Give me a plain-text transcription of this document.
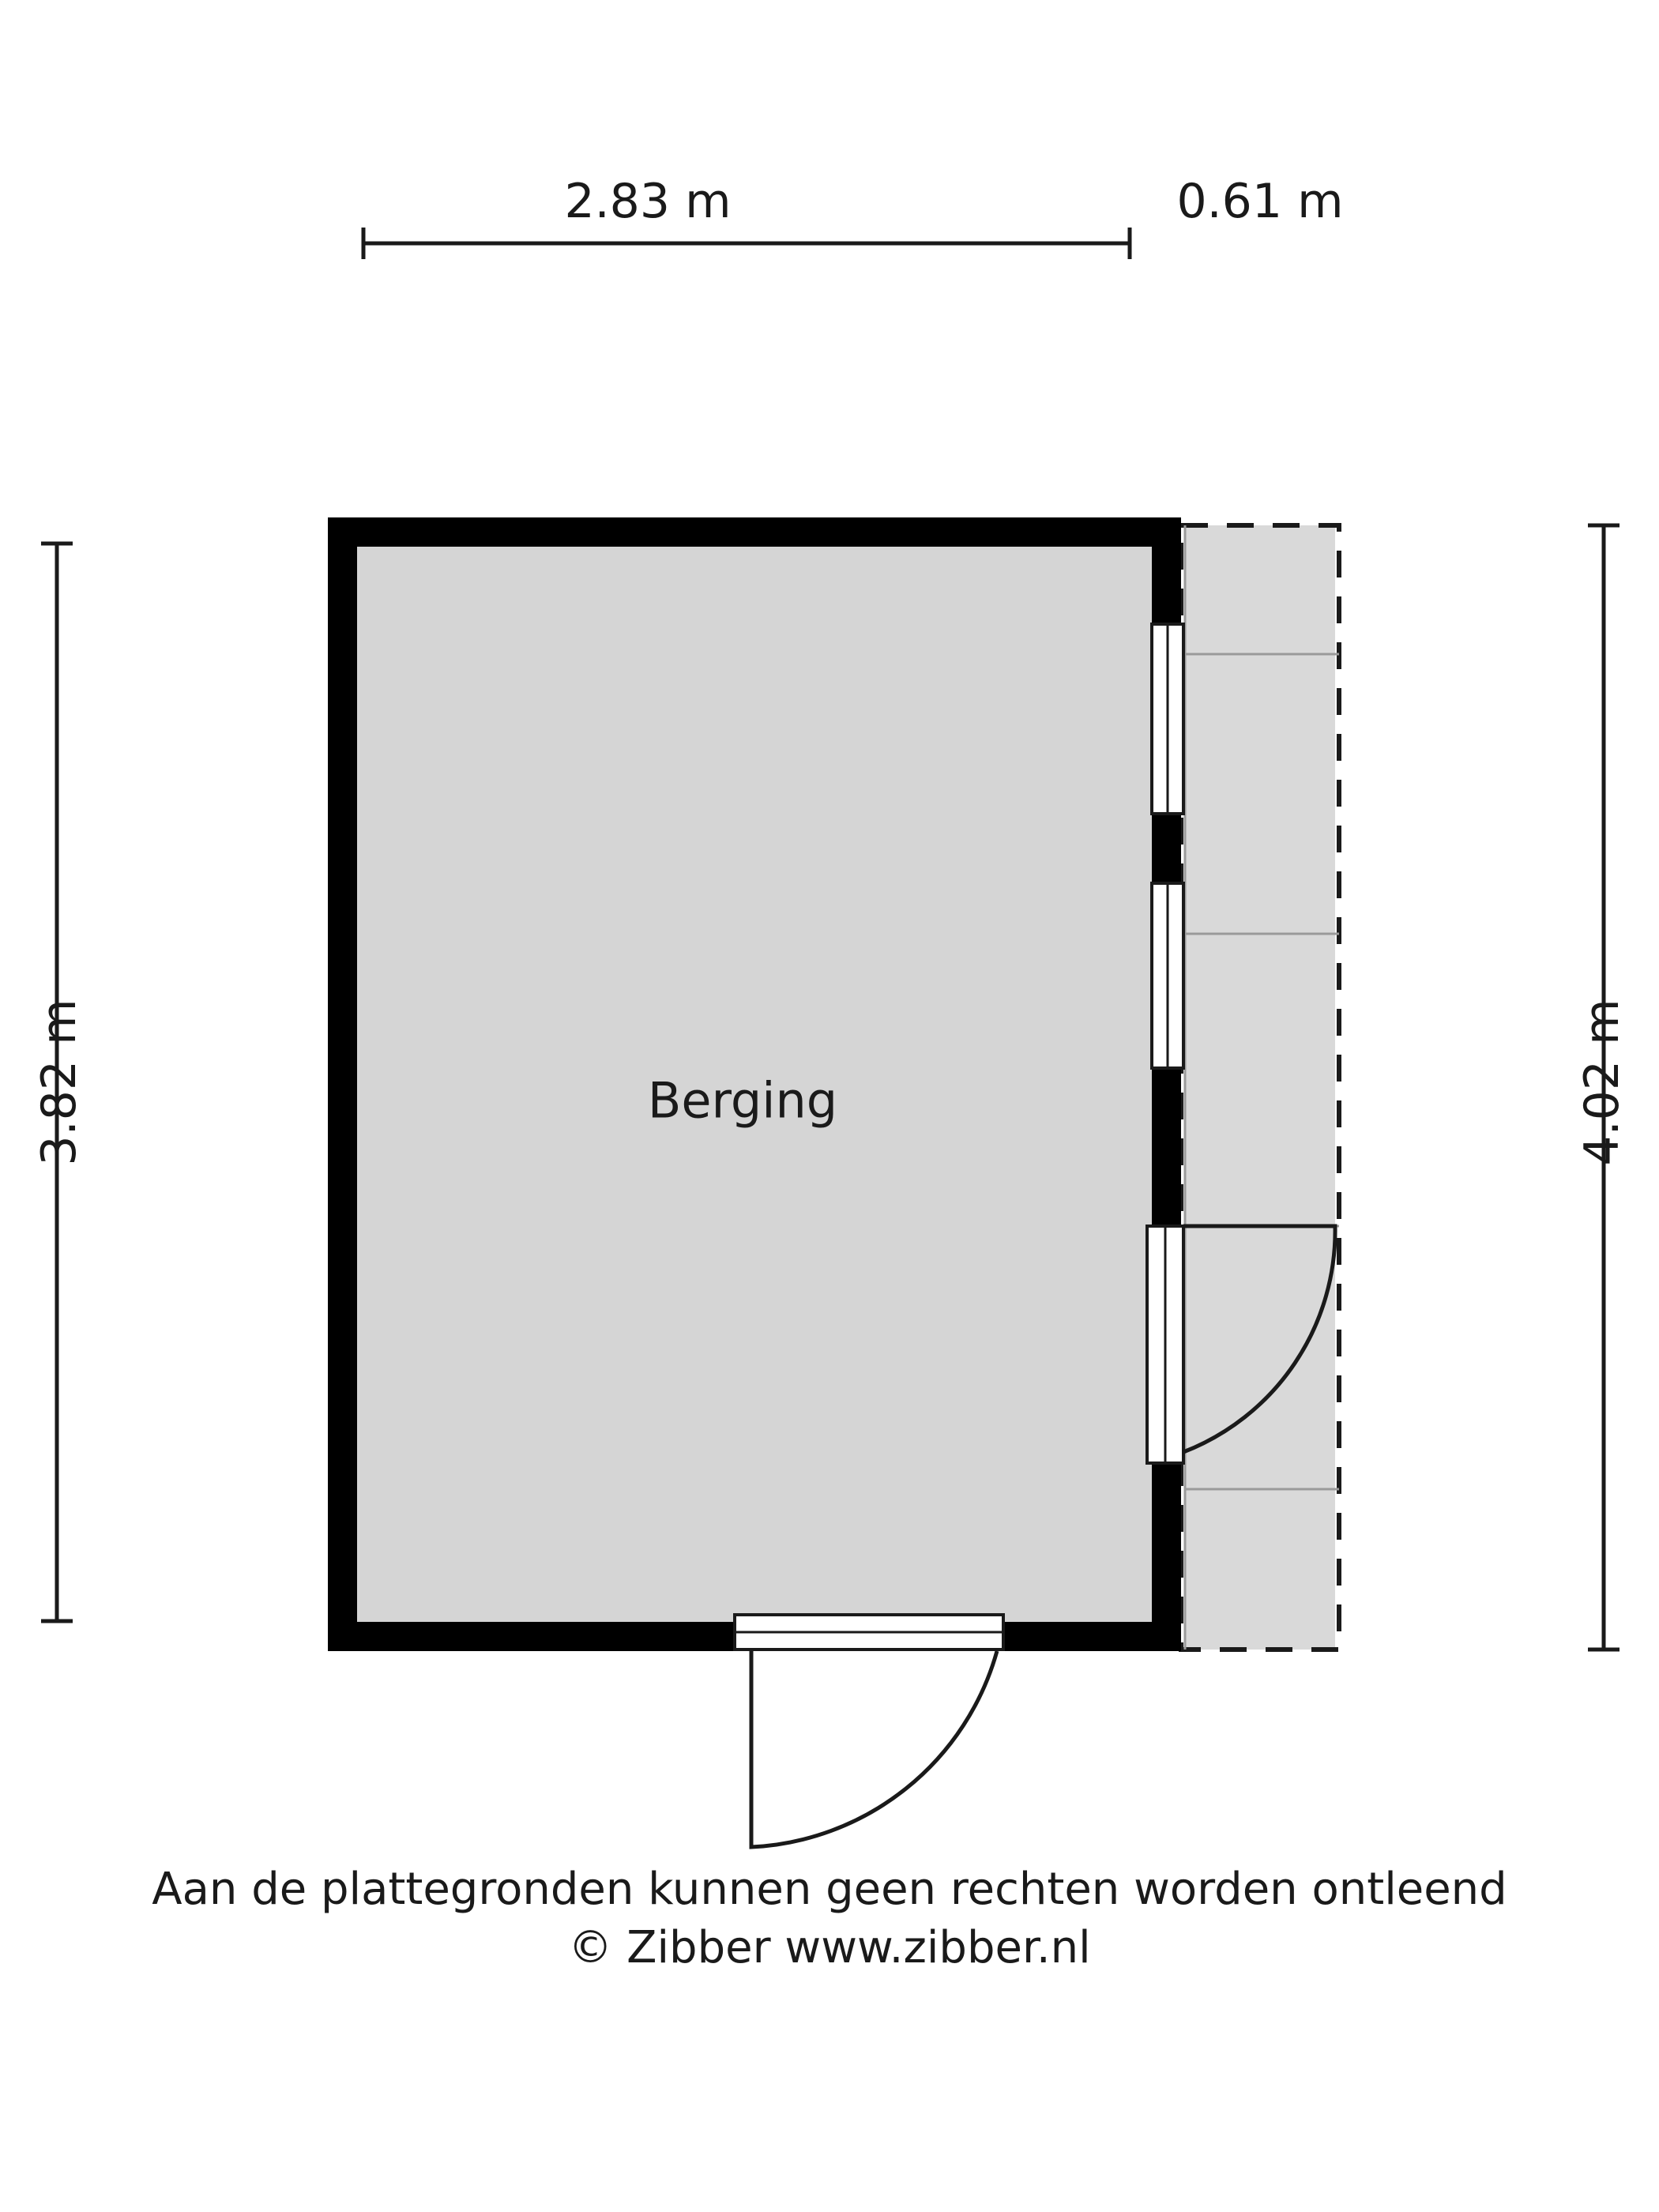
2.83 m	0.61 m
3.82 m	4.02 m
Berging
Aan de plattegronden kunnen geen rechten worden ontleend
© Zibber www.zibber.nl
